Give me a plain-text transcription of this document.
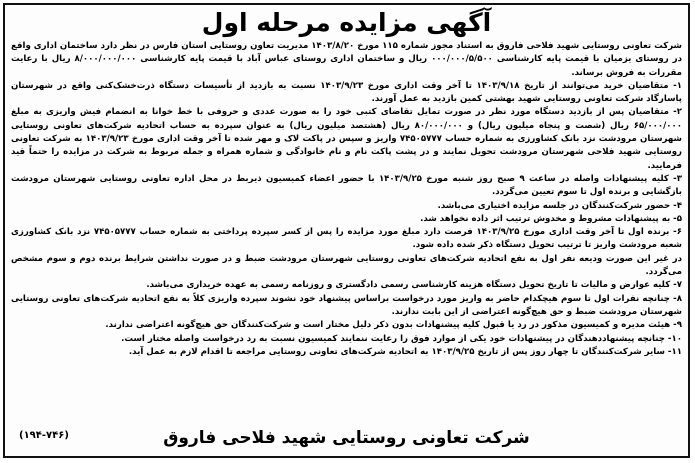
آگهی مزایده مرحله اول

شرکت تعاونی روستایی شهید فلاحی فاروق به استناد مجوز شماره ۱۱۵ مورخ ۱۴۰۳/۸/۲۰ مدیریت تعاون روستایی استان فارس در نظر دارد ساختمان اداری واقع در روستای یزمیان با قیمت پایه کارشناسی ۰۰۰/۰۰۰/۵/۵۰۰ ریال و ساختمان اداری روستای عباس آباد با قیمت پایه کارشناسی ۸/۰۰۰/۰۰۰/۰۰۰ ریال با رعایت مقررات به فروش برساند.

۱- متقاضیان خرید می‌توانند از تاریخ ۱۴۰۳/۹/۱۸ تا آخر وقت اداری مورخ ۱۴۰۳/۹/۲۳ نسبت به بازدید از تأسیسات دستگاه ذرت‌خشک‌کنی واقع در شهرستان پاسارگاد شرکت تعاونی روستایی شهید بهشتی کمین بازدید به عمل آورند.

۲- متقاضیان پس از بازدید دستگاه مورد نظر در صورت تمایل تقاضای کتبی خود را به صورت عددی و حروفی با خط خوانا به انضمام فیش واریزی به مبلغ ۶۵/۰۰۰/۰۰۰ ریال (شصت و پنجاه میلیون ریال) و ۸۰/۰۰۰/۰۰۰ ریال (هشتصد میلیون ریال) به عنوان سپرده به حساب اتحادیه شرکت‌های تعاونی روستایی شهرستان مرودشت نزد بانک کشاورزی به شماره حساب ۷۴۵۰۵۷۷۷ واریز و سپس در پاکت لاک و مهر شده تا آخر وقت اداری مورخ ۱۴۰۳/۹/۲۳ به شرکت تعاونی روستایی شهید فلاحی شهرستان مرودشت تحویل نمایند و در پشت پاکت نام و نام خانوادگی و شماره همراه و جمله مربوط به شرکت در مزایده را حتماً قید فرمایید.

۳- کلیه پیشنهادات واصله در ساعت ۹ صبح روز شنبه مورخ ۱۴۰۳/۹/۲۵ با حضور اعضاء کمیسیون ذیربط در محل اداره تعاونی روستایی شهرستان مرودشت بازگشایی و برنده اول تا سوم تعیین می‌گردد.

۴- حضور شرکت‌کنندگان در جلسه مزایده اختیاری می‌باشد.

۵- به پیشنهادات مشروط و مخدوش ترتیب اثر داده نخواهد شد.

۶- برنده اول تا آخر وقت اداری مورخ ۱۴۰۳/۹/۲۵ فرصت دارد مبلغ مورد مزایده را پس از کسر سپرده پرداختی به شماره حساب ۷۴۵۰۵۷۷۷ نزد بانک کشاورزی شعبه مرودشت واریز تا ترتیب تحویل دستگاه ذکر شده داده شود.

در غیر این صورت ودیعه نفر اول به نفع اتحادیه شرکت‌های تعاونی روستایی شهرستان مرودشت ضبط و در صورت نداشتن شرایط برنده دوم و سوم مشخص می‌گردد.

۷- کلیه عوارض و مالیات تا تاریخ تحویل دستگاه هزینه کارشناسی رسمی دادگستری و روزنامه رسمی به عهده خریداری می‌باشد.

۸- چنانچه نفرات اول تا سوم هیچکدام حاضر به واریز مورد درخواست براساس پیشنهاد خود نشوند سپرده واریزی کلاً به نفع اتحادیه شرکت‌های تعاونی روستایی شهرستان مرودشت ضبط و حق هیچ‌گونه اعتراضی از این بابت ندارند.

۹- هیئت مدیره و کمیسیون مذکور در رد یا قبول کلیه پیشنهادات بدون ذکر دلیل مختار است و شرکت‌کنندگان حق هیچ‌گونه اعتراضی ندارند.

۱۰- چنانچه پیشنهاددهندگان در پیشنهادات خود یکی از موارد فوق را رعایت ننمایند کمیسیون نسبت به رد درخواست واصله مختار است.

۱۱- سایر شرکت‌کنندگان تا چهار روز پس از تاریخ ۱۴۰۳/۹/۲۵ به اتحادیه شرکت‌های تعاونی روستایی مراجعه تا اقدام لازم به عمل آید.

شرکت تعاونی روستایی شهید فلاحی فاروق
(۱۹۴-۷۴۶)
